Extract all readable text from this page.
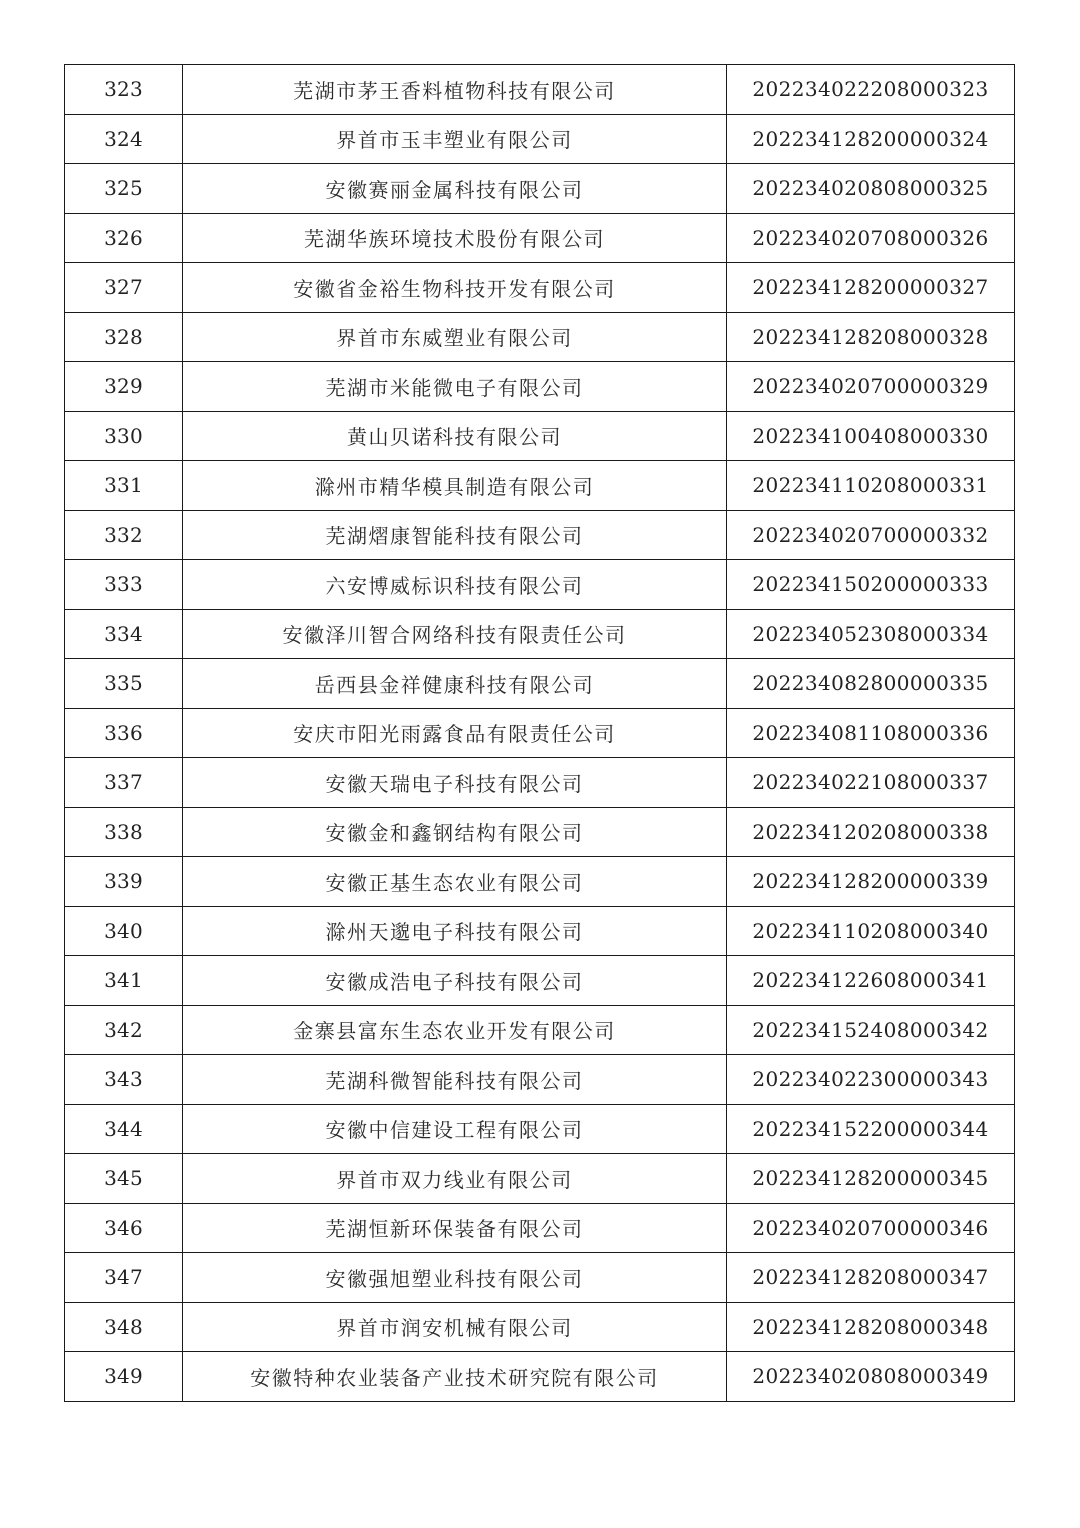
323	芜湖市茅王香料植物科技有限公司	202234022208000323
324	界首市玉丰塑业有限公司	202234128200000324
325	安徽赛丽金属科技有限公司	202234020808000325
326	芜湖华族环境技术股份有限公司	202234020708000326
327	安徽省金裕生物科技开发有限公司	202234128200000327
328	界首市东威塑业有限公司	202234128208000328
329	芜湖市米能微电子有限公司	202234020700000329
330	黄山贝诺科技有限公司	202234100408000330
331	滁州市精华模具制造有限公司	202234110208000331
332	芜湖熠康智能科技有限公司	202234020700000332
333	六安博威标识科技有限公司	202234150200000333
334	安徽泽川智合网络科技有限责任公司	202234052308000334
335	岳西县金祥健康科技有限公司	202234082800000335
336	安庆市阳光雨露食品有限责任公司	202234081108000336
337	安徽天瑞电子科技有限公司	202234022108000337
338	安徽金和鑫钢结构有限公司	202234120208000338
339	安徽正基生态农业有限公司	202234128200000339
340	滁州天邈电子科技有限公司	202234110208000340
341	安徽成浩电子科技有限公司	202234122608000341
342	金寨县富东生态农业开发有限公司	202234152408000342
343	芜湖科微智能科技有限公司	202234022300000343
344	安徽中信建设工程有限公司	202234152200000344
345	界首市双力线业有限公司	202234128200000345
346	芜湖恒新环保装备有限公司	202234020700000346
347	安徽强旭塑业科技有限公司	202234128208000347
348	界首市润安机械有限公司	202234128208000348
349	安徽特种农业装备产业技术研究院有限公司	202234020808000349
